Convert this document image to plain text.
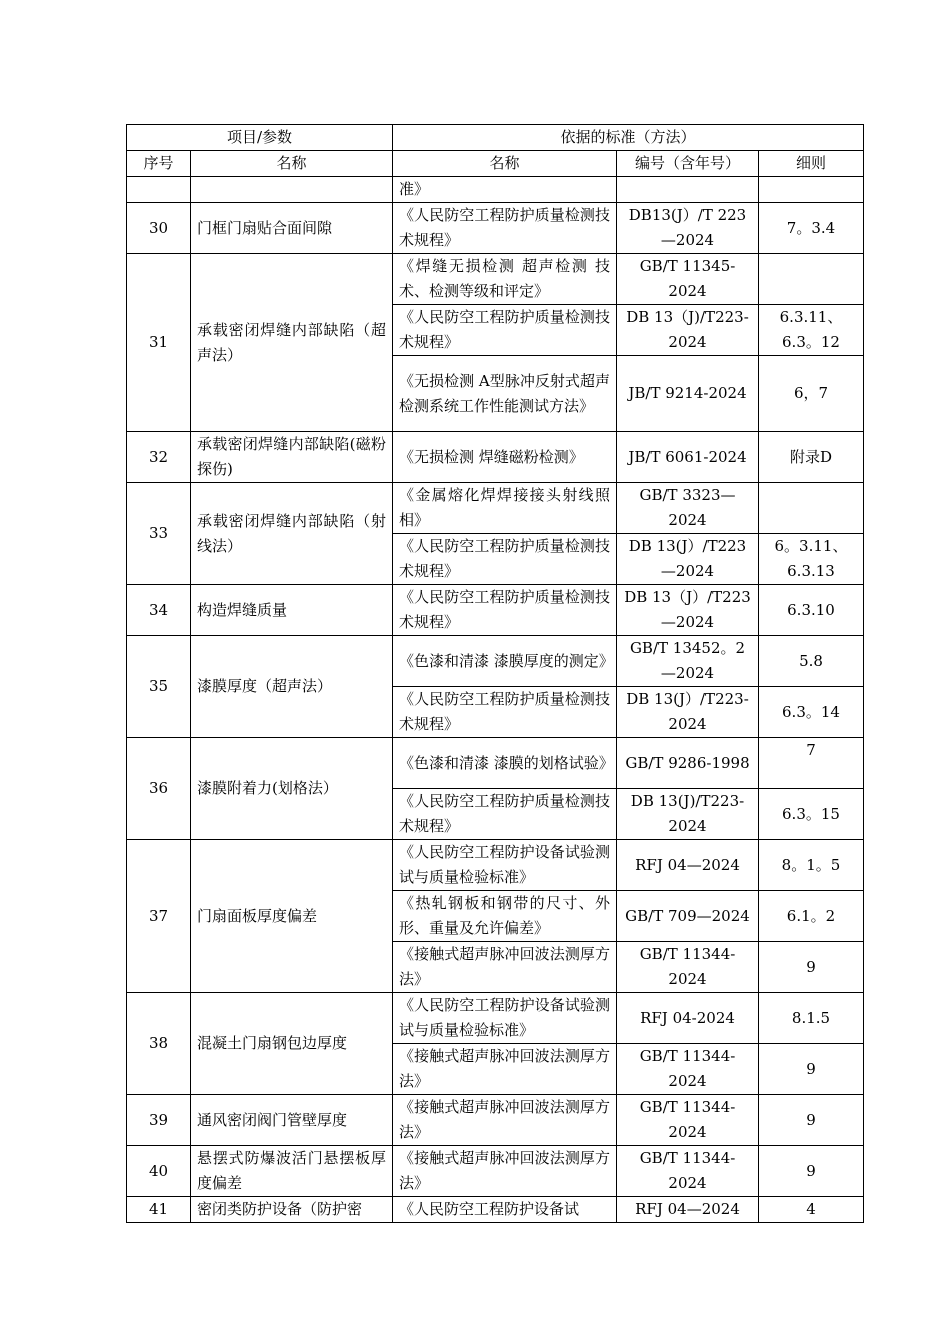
项目/参数		依据的标准（方法）		
序号	名称	名称	编号（含年号）	细则
		准》		
30	门框门扇贴合面间隙	《人民防空工程防护质量检测技术规程》	DB13(J）/T 223—2024	7。3.4
31	承载密闭焊缝内部缺陷（超声法）	《焊缝无损检测 超声检测 技术、检测等级和评定》	GB/T 11345-2024	
		《人民防空工程防护质量检测技术规程》	DB 13（J)/T223-2024	6.3.11、6.3。12
		《无损检测 A型脉冲反射式超声检测系统工作性能测试方法》	JB/T 9214-2024	6，7
32	承载密闭焊缝内部缺陷(磁粉探伤)	《无损检测 焊缝磁粉检测》	JB/T 6061-2024	附录D
33	承载密闭焊缝内部缺陷（射线法）	《金属熔化焊焊接接头射线照相》	GB/T 3323—2024	
		《人民防空工程防护质量检测技术规程》	DB 13(J）/T223—2024	6。3.11、6.3.13
34	构造焊缝质量	《人民防空工程防护质量检测技术规程》	DB 13（J）/T223—2024	6.3.10
35	漆膜厚度（超声法）	《色漆和清漆 漆膜厚度的测定》	GB/T 13452。2—2024	5.8
		《人民防空工程防护质量检测技术规程》	DB 13(J）/T223-2024	6.3。14
36	漆膜附着力(划格法）	《色漆和清漆 漆膜的划格试验》	GB/T 9286-1998	7
		《人民防空工程防护质量检测技术规程》	DB 13(J)/T223-2024	6.3。15
37	门扇面板厚度偏差	《人民防空工程防护设备试验测试与质量检验标准》	RFJ 04—2024	8。1。5
		《热轧钢板和钢带的尺寸、外形、重量及允许偏差》	GB/T 709—2024	6.1。2
		《接触式超声脉冲回波法测厚方法》	GB/T 11344-2024	9
38	混凝土门扇钢包边厚度	《人民防空工程防护设备试验测试与质量检验标准》	RFJ 04-2024	8.1.5
		《接触式超声脉冲回波法测厚方法》	GB/T 11344-2024	9
39	通风密闭阀门管壁厚度	《接触式超声脉冲回波法测厚方法》	GB/T 11344-2024	9
40	悬摆式防爆波活门悬摆板厚度偏差	《接触式超声脉冲回波法测厚方法》	GB/T 11344-2024	9
41	密闭类防护设备（防护密	《人民防空工程防护设备试	RFJ 04—2024	4
